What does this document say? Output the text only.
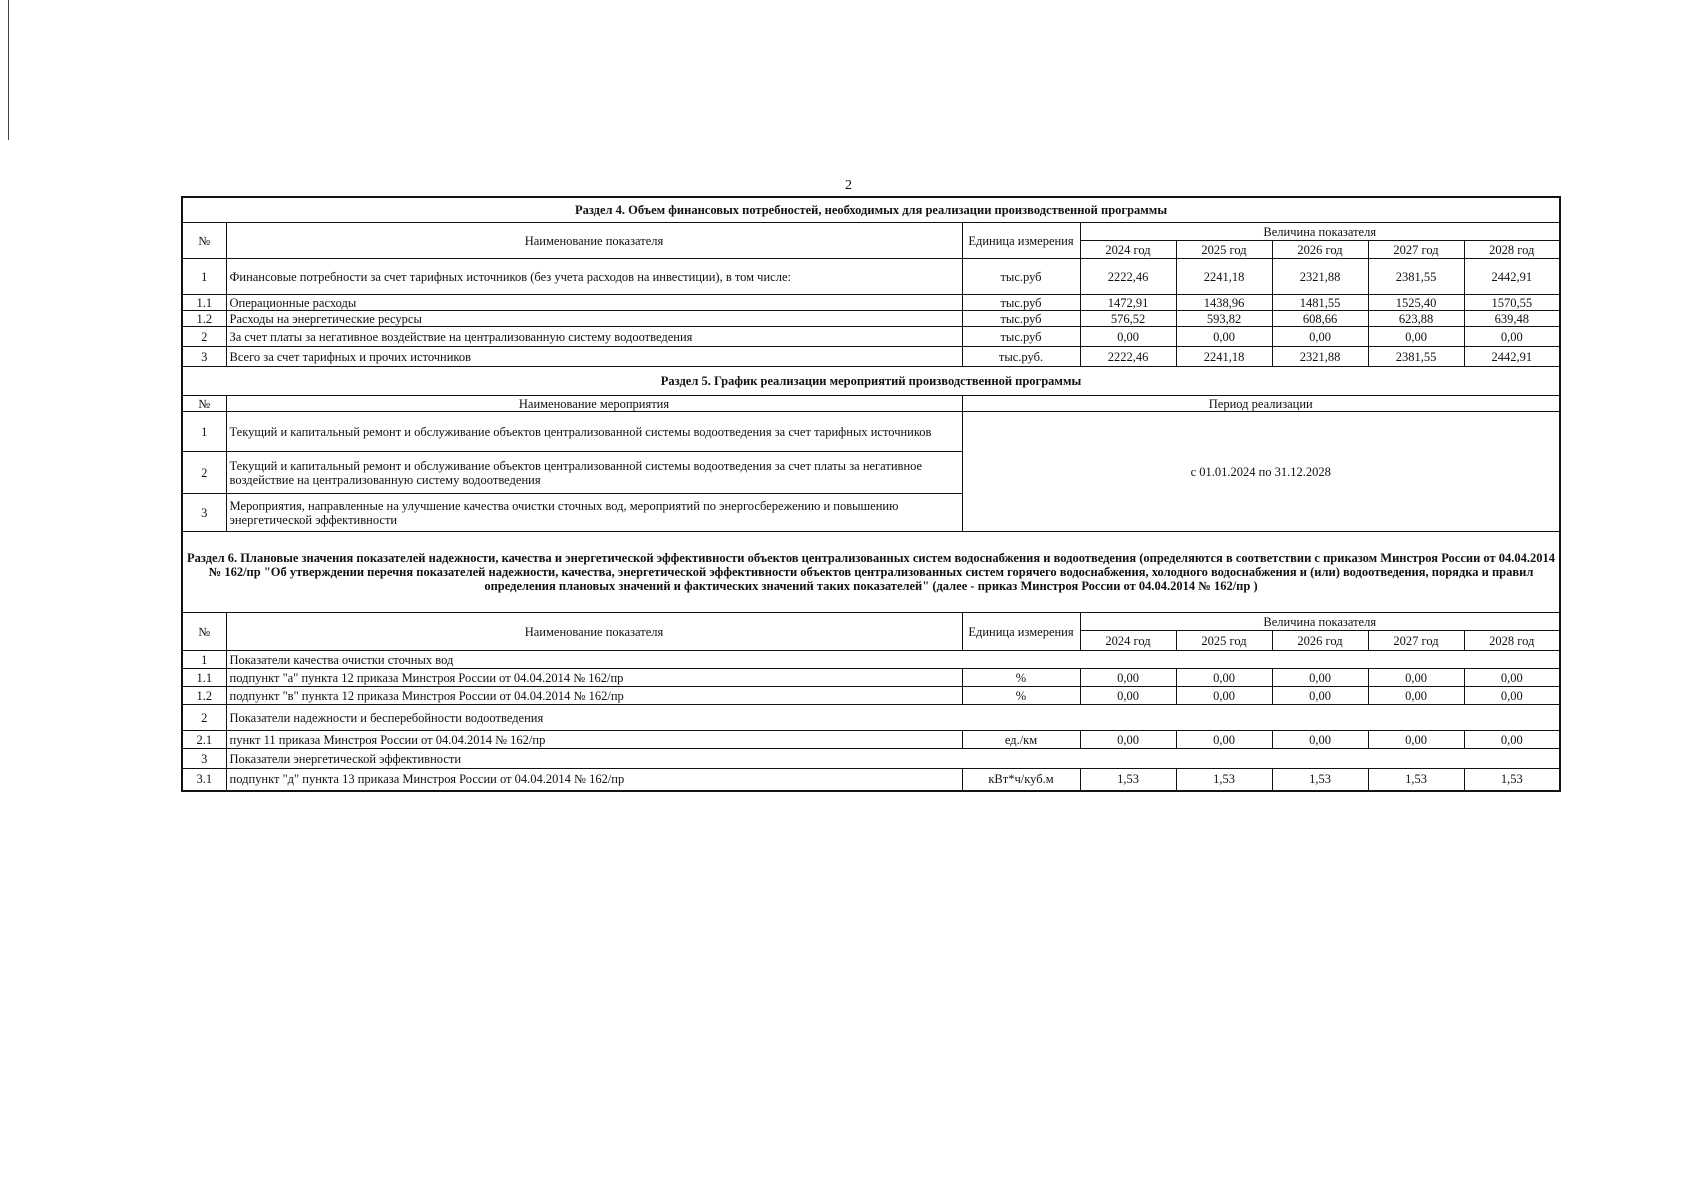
2
Раздел 4. Объем финансовых потребностей, необходимых для реализации производственной программы							
№	Наименование показателя	Единица измерения	Величина показателя				
			2024 год	2025 год	2026 год	2027 год	2028 год
1	Финансовые потребности за счет тарифных источников (без учета расходов на инвестиции), в том числе:	тыс.руб	2222,46	2241,18	2321,88	2381,55	2442,91
1.1	Операционные расходы	тыс.руб	1472,91	1438,96	1481,55	1525,40	1570,55
1.2	Расходы на энергетические ресурсы	тыс.руб	576,52	593,82	608,66	623,88	639,48
2	За счет платы за негативное воздействие на централизованную систему водоотведения	тыс.руб	0,00	0,00	0,00	0,00	0,00
3	Всего за счет тарифных и прочих источников	тыс.руб.	2222,46	2241,18	2321,88	2381,55	2442,91
Раздел 5. График реализации мероприятий производственной программы							
№	Наименование мероприятия	Период реализации					
1	Текущий и капитальный ремонт и обслуживание объектов централизованной системы водоотведения за счет тарифных источников	с 01.01.2024 по 31.12.2028					
2	Текущий и капитальный ремонт и обслуживание объектов централизованной системы водоотведения за счет платы за негативное воздействие на централизованную систему водоотведения						
3	Мероприятия, направленные на улучшение качества очистки сточных вод, мероприятий по энергосбережению и повышению энергетической эффективности						
Раздел 6. Плановые значения показателей надежности, качества и энергетической эффективности объектов централизованных систем водоснабжения и водоотведения (определяются в соответствии с приказом Минстроя России от 04.04.2014 № 162/пр "Об утверждении перечня показателей надежности, качества, энергетической эффективности объектов централизованных систем горячего водоснабжения, холодного водоснабжения и (или) водоотведения, порядка и правил определения плановых значений и фактических значений таких показателей" (далее - приказ Минстроя России от 04.04.2014 № 162/пр )							
№	Наименование показателя	Единица измерения	Величина показателя				
			2024 год	2025 год	2026 год	2027 год	2028 год
1	Показатели качества очистки сточных вод						
1.1	подпункт "а" пункта 12 приказа Минстроя России от 04.04.2014 № 162/пр	%	0,00	0,00	0,00	0,00	0,00
1.2	подпункт "в" пункта 12 приказа Минстроя России от 04.04.2014 № 162/пр	%	0,00	0,00	0,00	0,00	0,00
2	Показатели надежности и бесперебойности водоотведения						
2.1	пункт 11 приказа Минстроя России от 04.04.2014 № 162/пр	ед./км	0,00	0,00	0,00	0,00	0,00
3	Показатели энергетической эффективности						
3.1	подпункт "д" пункта 13 приказа Минстроя России от 04.04.2014 № 162/пр	кВт*ч/куб.м	1,53	1,53	1,53	1,53	1,53
